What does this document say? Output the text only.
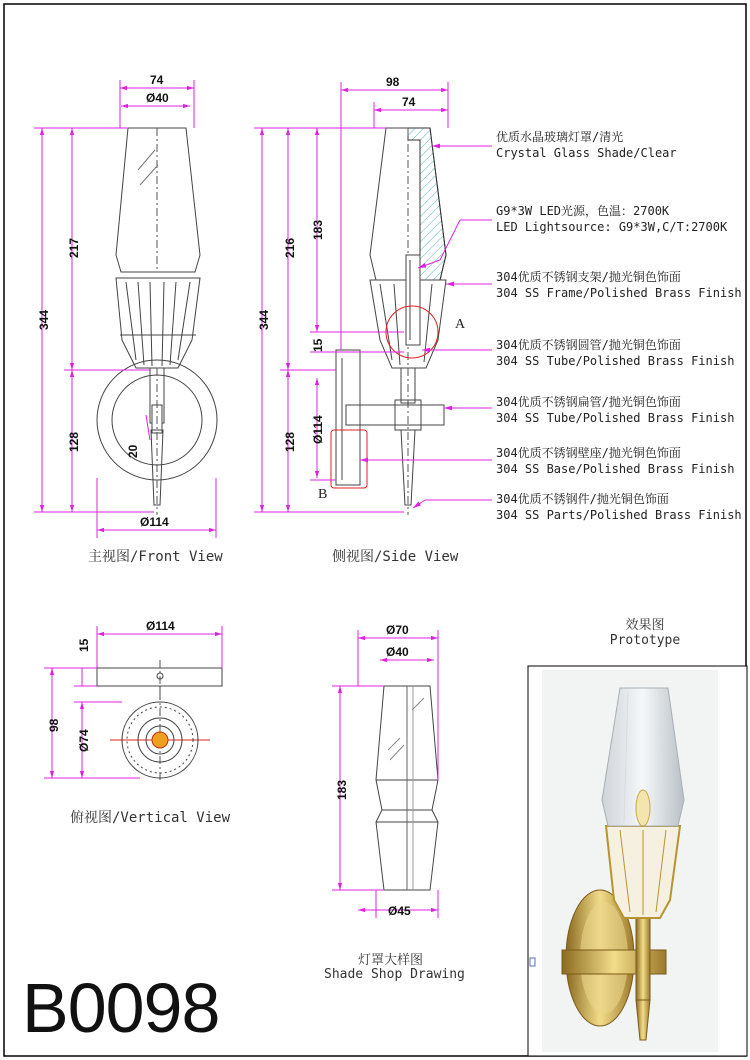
74
Ø40
344
217
128	20
Ø114
98
74
344
216
128
183
15
Ø114
A
B
Ø114
15
98
Ø74
Ø70
Ø40
183
Ø45
主视图/Front View	侧视图/Side View
俯视图/Vertical View
灯罩大样图
Shade Shop Drawing
效果图
Prototype
优质水晶玻璃灯罩/清光
Crystal Glass Shade/Clear
G9*3W LED光源，色温：2700K
LED Lightsource: G9*3W,C/T:2700K
304优质不锈钢支架/抛光铜色饰面
304 SS Frame/Polished Brass Finish
304优质不锈钢圆管/抛光铜色饰面
304 SS Tube/Polished Brass Finish
304优质不锈钢扁管/抛光铜色饰面
304 SS Tube/Polished Brass Finish
304优质不锈钢壁座/抛光铜色饰面
304 SS Base/Polished Brass Finish
304优质不锈钢件/抛光铜色饰面
304 SS Parts/Polished Brass Finish
B0098
